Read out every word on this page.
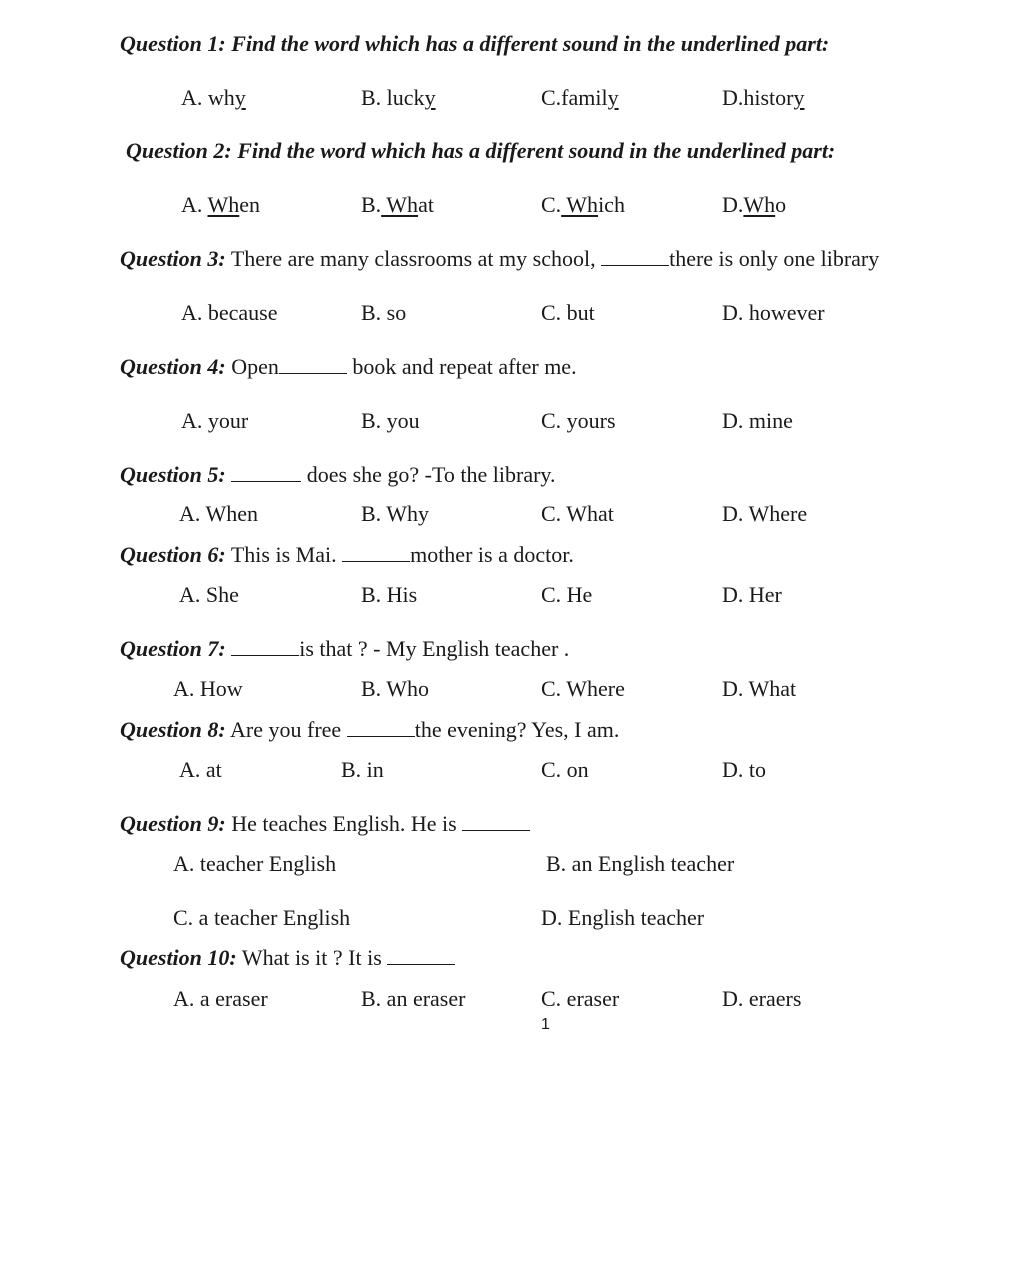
Question 1: Find the word which has a different sound in the underlined part:
A. why	B. lucky	C.family	D.history
Question 2: Find the word which has a different sound in the underlined part:
A. When	B. What	C. Which	D.Who
Question 3: There are many classrooms at my school,	there is only one library
A. because	B. so	C. but	D. however
Question 4: Open	book and repeat after me.
A. your	B. you	C. yours	D. mine
Question 5:	does she go? -To the library.
A. When	B. Why	C. What	D. Where
Question 6: This is Mai.	mother is a doctor.
A. She	B. His	C. He	D. Her
Question 7:	is that ? - My English teacher .
A. How	B. Who	C. Where	D. What
Question 8: Are you free	the evening? Yes, I am.
A. at	B. in	C. on	D. to
Question 9: He teaches English. He is
A. teacher English	B. an English teacher
C. a teacher English	D. English teacher
Question 10: What is it ? It is
A. a eraser	B. an eraser	C. eraser	D. eraers
1
